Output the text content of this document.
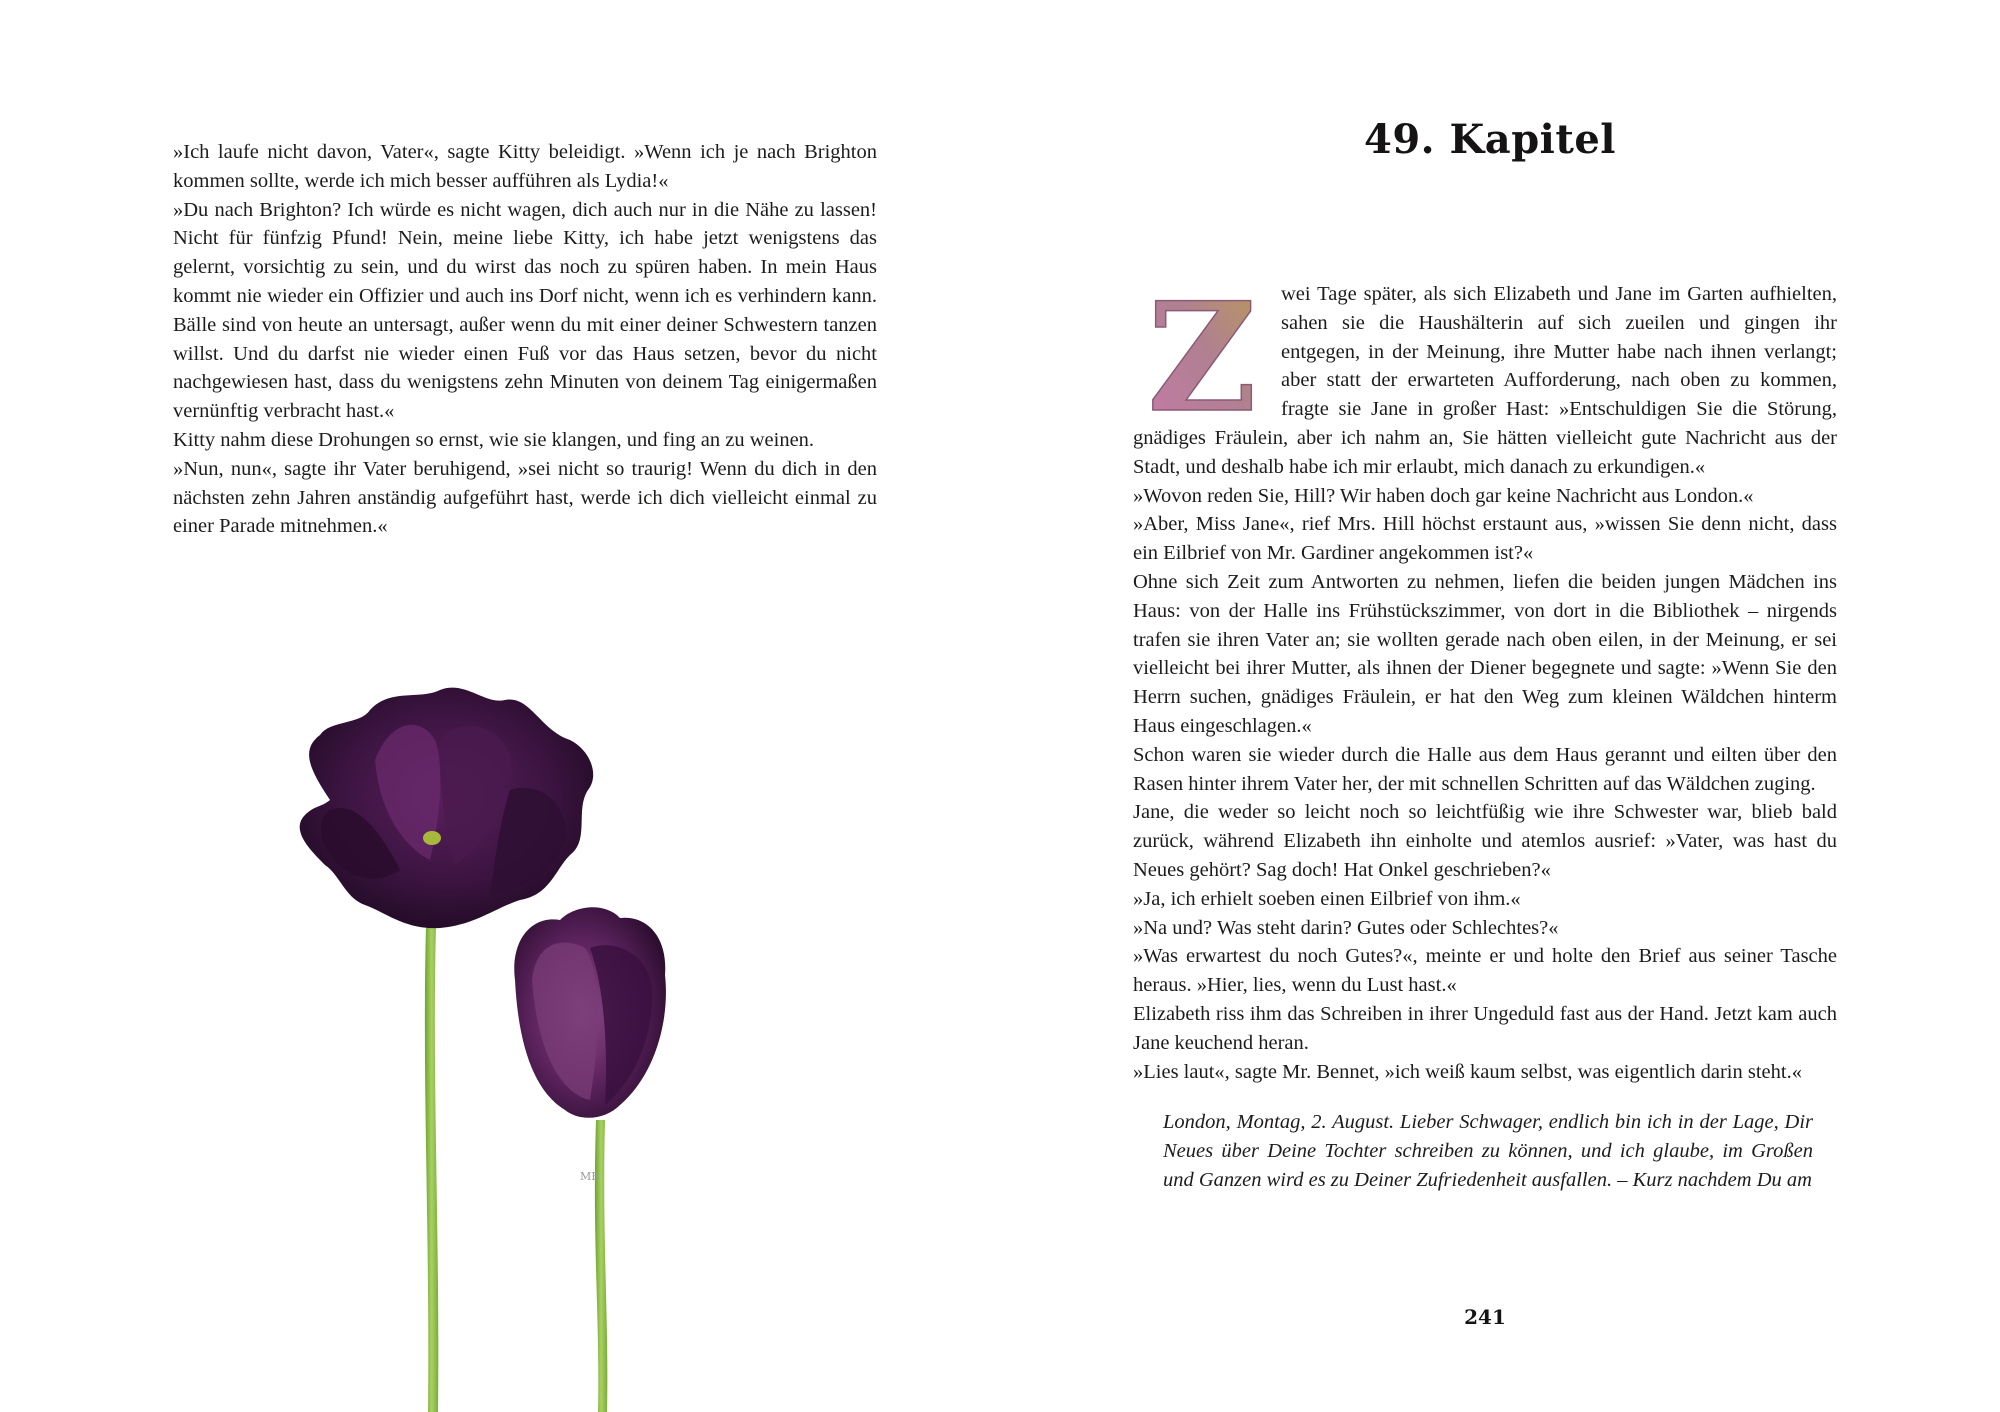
»Ich laufe nicht davon, Vater«, sagte Kitty beleidigt. »Wenn ich je nach Brighton kommen sollte, werde ich mich besser aufführen als Lydia!«

»Du nach Brighton? Ich würde es nicht wagen, dich auch nur in die Nähe zu lassen! Nicht für fünfzig Pfund! Nein, meine liebe Kitty, ich habe jetzt wenigstens das gelernt, vorsichtig zu sein, und du wirst das noch zu spüren haben. In mein Haus kommt nie wieder ein Offizier und auch ins Dorf nicht, wenn ich es verhindern kann. Bälle sind von heute an untersagt, außer wenn du mit einer deiner Schwestern tanzen willst. Und du darfst nie wieder einen Fuß vor das Haus setzen, bevor du nicht nachgewiesen hast, dass du wenigstens zehn Minuten von deinem Tag einigermaßen vernünftig verbracht hast.«

Kitty nahm diese Drohungen so ernst, wie sie klangen, und fing an zu weinen.

»Nun, nun«, sagte ihr Vater beruhigend, »sei nicht so traurig! Wenn du dich in den nächsten zehn Jahren anständig aufgeführt hast, werde ich dich vielleicht einmal zu einer Parade mitnehmen.«

MB
49. Kapitel
Z	wei Tage später, als sich Elizabeth und Jane im Garten aufhielten, sahen sie die Haushälterin auf sich zueilen und gingen ihr entgegen, in der Meinung, ihre Mutter habe nach ihnen verlangt; aber statt der erwarteten Aufforderung, nach oben zu kommen, fragte sie Jane in großer Hast: »Entschuldigen Sie die Störung, gnädiges Fräulein, aber ich nahm an, Sie hätten vielleicht gute Nachricht aus der Stadt, und deshalb habe ich mir erlaubt, mich danach zu erkundigen.«

»Wovon reden Sie, Hill? Wir haben doch gar keine Nachricht aus London.«

»Aber, Miss Jane«, rief Mrs. Hill höchst erstaunt aus, »wissen Sie denn nicht, dass ein Eilbrief von Mr. Gardiner angekommen ist?«

Ohne sich Zeit zum Antworten zu nehmen, liefen die beiden jungen Mädchen ins Haus: von der Halle ins Frühstückszimmer, von dort in die Bibliothek – nirgends trafen sie ihren Vater an; sie wollten gerade nach oben eilen, in der Meinung, er sei vielleicht bei ihrer Mutter, als ihnen der Diener begegnete und sagte: »Wenn Sie den Herrn suchen, gnädiges Fräulein, er hat den Weg zum kleinen Wäldchen hinterm Haus eingeschlagen.«

Schon waren sie wieder durch die Halle aus dem Haus gerannt und eilten über den Rasen hinter ihrem Vater her, der mit schnellen Schritten auf das Wäldchen zuging.

Jane, die weder so leicht noch so leichtfüßig wie ihre Schwester war, blieb bald zurück, während Elizabeth ihn einholte und atemlos ausrief: »Vater, was hast du Neues gehört? Sag doch! Hat Onkel geschrieben?«

»Ja, ich erhielt soeben einen Eilbrief von ihm.«

»Na und? Was steht darin? Gutes oder Schlechtes?«

»Was erwartest du noch Gutes?«, meinte er und holte den Brief aus seiner Tasche heraus. »Hier, lies, wenn du Lust hast.«

Elizabeth riss ihm das Schreiben in ihrer Ungeduld fast aus der Hand. Jetzt kam auch Jane keuchend heran.

»Lies laut«, sagte Mr. Bennet, »ich weiß kaum selbst, was eigentlich darin steht.«

London, Montag, 2. August. Lieber Schwager, endlich bin ich in der Lage, Dir Neues über Deine Tochter schreiben zu können, und ich glaube, im Großen und Ganzen wird es zu Deiner Zufriedenheit ausfallen. – Kurz nachdem Du am

241
